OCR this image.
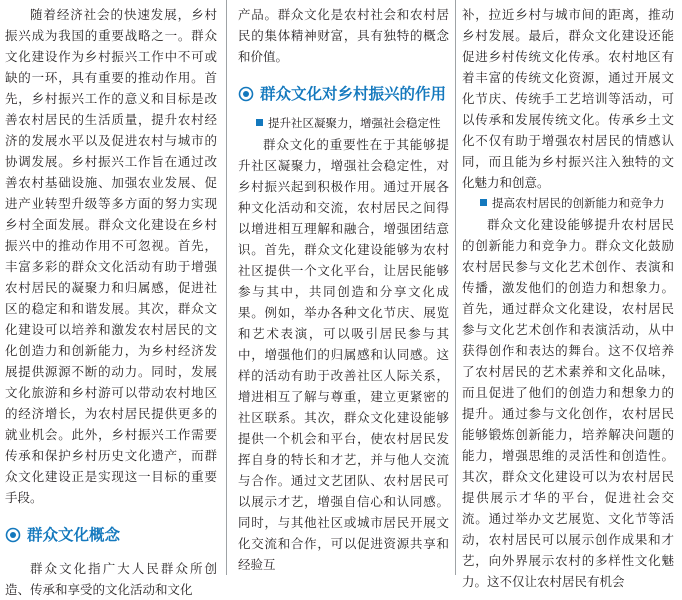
随着经济社会的快速发展，乡村振兴成为我国的重要战略之一。群众文化建设作为乡村振兴工作中不可或缺的一环，具有重要的推动作用。首先，乡村振兴工作的意义和目标是改善农村居民的生活质量，提升农村经济的发展水平以及促进农村与城市的协调发展。乡村振兴工作旨在通过改善农村基础设施、加强农业发展、促进产业转型升级等多方面的努力实现乡村全面发展。群众文化建设在乡村振兴中的推动作用不可忽视。首先，丰富多彩的群众文化活动有助于增强农村居民的凝聚力和归属感，促进社区的稳定和和谐发展。其次，群众文化建设可以培养和激发农村居民的文化创造力和创新能力，为乡村经济发展提供源源不断的动力。同时，发展文化旅游和乡村游可以带动农村地区的经济增长，为农村居民提供更多的就业机会。此外，乡村振兴工作需要传承和保护乡村历史文化遗产，而群众文化建设正是实现这一目标的重要手段。

群众文化概念

群众文化指广大人民群众所创造、传承和享受的文化活动和文化

产品。群众文化是农村社会和农村居民的集体精神财富，具有独特的概念和价值。

群众文化对乡村振兴的作用
提升社区凝聚力，增强社会稳定性

群众文化的重要性在于其能够提升社区凝聚力，增强社会稳定性，对乡村振兴起到积极作用。通过开展各种文化活动和交流，农村居民之间得以增进相互理解和融合，增强团结意识。首先，群众文化建设能够为农村社区提供一个文化平台，让居民能够参与其中，共同创造和分享文化成果。例如，举办各种文化节庆、展览和艺术表演，可以吸引居民参与其中，增强他们的归属感和认同感。这样的活动有助于改善社区人际关系，增进相互了解与尊重，建立更紧密的社区联系。其次，群众文化建设能够提供一个机会和平台，使农村居民发挥自身的特长和才艺，并与他人交流与合作。通过文艺团队、农村居民可以展示才艺，增强自信心和认同感。同时，与其他社区或城市居民开展文化交流和合作，可以促进资源共享和经验互

补，拉近乡村与城市间的距离，推动乡村发展。最后，群众文化建设还能促进乡村传统文化传承。农村地区有着丰富的传统文化资源，通过开展文化节庆、传统手工艺培训等活动，可以传承和发展传统文化。传承乡土文化不仅有助于增强农村居民的情感认同，而且能为乡村振兴注入独特的文化魅力和创意。

提高农村居民的创新能力和竞争力

群众文化建设能够提升农村居民的创新能力和竞争力。群众文化鼓励农村居民参与文化艺术创作、表演和传播，激发他们的创造力和想象力。首先，通过群众文化建设，农村居民参与文化艺术创作和表演活动，从中获得创作和表达的舞台。这不仅培养了农村居民的艺术素养和文化品味，而且促进了他们的创造力和想象力的提升。通过参与文化创作，农村居民能够锻炼创新能力，培养解决问题的能力，增强思维的灵活性和创造性。其次，群众文化建设可以为农村居民提供展示才华的平台，促进社会交流。通过举办文艺展览、文化节等活动，农村居民可以展示创作成果和才艺，向外界展示农村的多样性文化魅力。这不仅让农村居民有机会
